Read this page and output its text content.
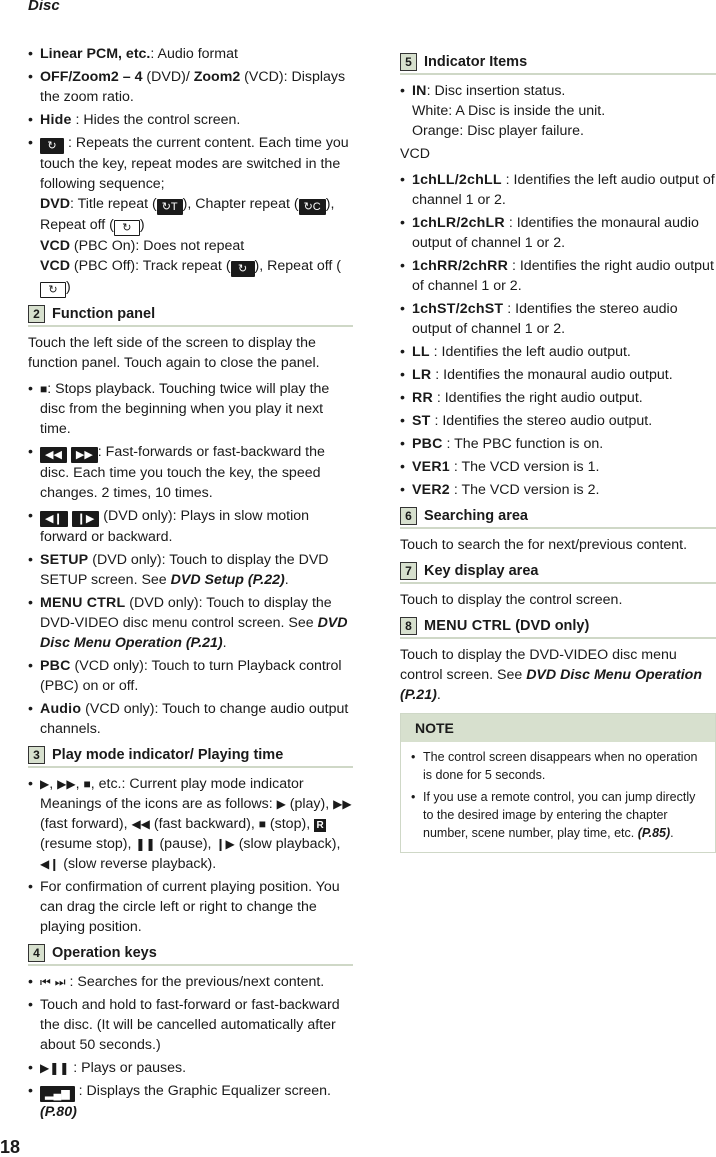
Disc
• Linear PCM, etc.: Audio format
• OFF/Zoom2 – 4 (DVD)/ Zoom2 (VCD): Displays the zoom ratio.
• Hide : Hides the control screen.
•	↻ : Repeats the current content. Each time you touch the key, repeat modes are switched in the following sequence;
DVD: Title repeat ( ↻T ), Chapter repeat ( ↻C ), Repeat off ( ↻ )
VCD (PBC On): Does not repeat
VCD (PBC Off): Track repeat ( ↻ ), Repeat off (↻ )
2 Function panel
Touch the left side of the screen to display the function panel. Touch again to close the panel.
• ■: Stops playback. Touching twice will play the disc from the beginning when you play it next time.
•	◀◀ ▶▶ : Fast-forwards or fast-backward the disc. Each time you touch the key, the speed changes. 2 times, 10 times.
•	◀❙ ❙▶ (DVD only): Plays in slow motion forward or backward.
• SETUP (DVD only): Touch to display the DVD SETUP screen. See DVD Setup (P.22).
• MENU CTRL (DVD only): Touch to display the DVD-VIDEO disc menu control screen. See DVD Disc Menu Operation (P.21).
• PBC (VCD only): Touch to turn Playback control (PBC) on or off.
• Audio (VCD only): Touch to change audio output channels.
3 Play mode indicator/ Playing time
• ▶, ▶▶, ■, etc.: Current play mode indicator Meanings of the icons are as follows: ▶ (play), ▶▶ (fast forward), ◀◀ (fast backward), ■ (stop), R (resume stop), ❚❚ (pause), ❙▶ (slow playback), ◀❙ (slow reverse playback).
• For confirmation of current playing position. You can drag the circle left or right to change the playing position.
4 Operation keys
• ⏮ ⏭ : Searches for the previous/next content.
• Touch and hold to fast-forward or fast-backward the disc. (It will be cancelled automatically after about 50 seconds.)
• ▶❚❚ : Plays or pauses.
•	▂▄▆ : Displays the Graphic Equalizer screen. (P.80)
5 Indicator Items
• IN: Disc insertion status.
White: A Disc is inside the unit.
Orange: Disc player failure.
VCD
• 1chLL/2chLL : Identifies the left audio output of channel 1 or 2.
• 1chLR/2chLR : Identifies the monaural audio output of channel 1 or 2.
• 1chRR/2chRR : Identifies the right audio output of channel 1 or 2.
• 1chST/2chST : Identifies the stereo audio output of channel 1 or 2.
• LL : Identifies the left audio output.
• LR : Identifies the monaural audio output.
• RR : Identifies the right audio output.
• ST : Identifies the stereo audio output.
• PBC : The PBC function is on.
• VER1 : The VCD version is 1.
• VER2 : The VCD version is 2.
6 Searching area
Touch to search the for next/previous content.
7 Key display area
Touch to display the control screen.
8 MENU CTRL (DVD only)
Touch to display the DVD-VIDEO disc menu control screen. See DVD Disc Menu Operation (P.21).
NOTE
• The control screen disappears when no operation is done for 5 seconds.
• If you use a remote control, you can jump directly to the desired image by entering the chapter number, scene number, play time, etc. (P.85).
18
